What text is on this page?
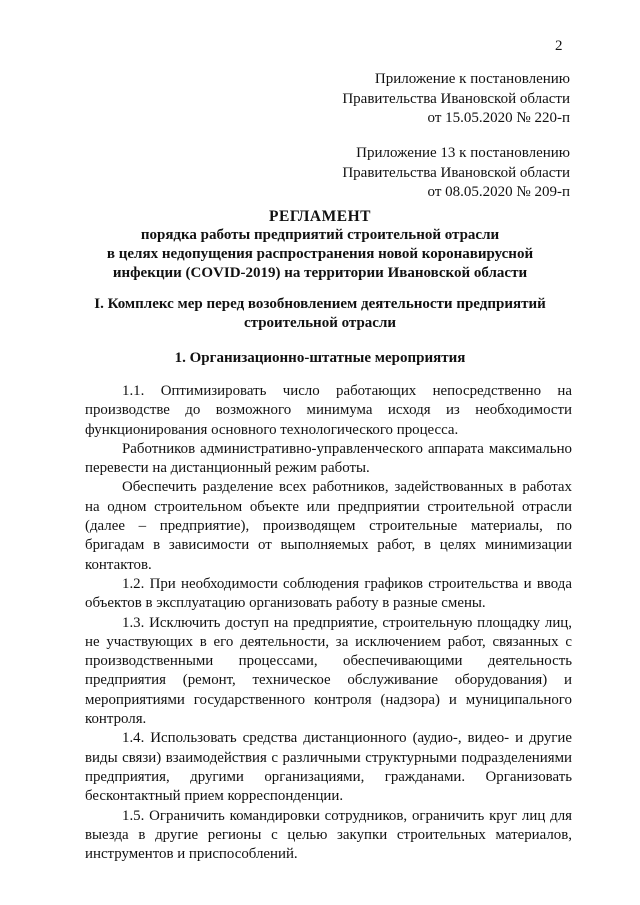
2
Приложение к постановлению
Правительства Ивановской области
от 15.05.2020 № 220-п
Приложение 13 к постановлению
Правительства Ивановской области
от 08.05.2020 № 209-п
РЕГЛАМЕНТ
порядка работы предприятий строительной отрасли
в целях недопущения распространения новой коронавирусной
инфекции (COVID-2019) на территории Ивановской области
I. Комплекс мер перед возобновлением деятельности предприятий
строительной отрасли
1. Организационно-штатные мероприятия

1.1. Оптимизировать число работающих непосредственно на производстве до возможного минимума исходя из необходимости функционирования основного технологического процесса.

Работников административно-управленческого аппарата максимально перевести на дистанционный режим работы.

Обеспечить разделение всех работников, задействованных в работах на одном строительном объекте или предприятии строительной отрасли (далее – предприятие), производящем строительные материалы, по бригадам в зависимости от выполняемых работ, в целях минимизации контактов.

1.2. При необходимости соблюдения графиков строительства и ввода объектов в эксплуатацию организовать работу в разные смены.

1.3. Исключить доступ на предприятие, строительную площадку лиц, не участвующих в его деятельности, за исключением работ, связанных с производственными процессами, обеспечивающими деятельность предприятия (ремонт, техническое обслуживание оборудования) и мероприятиями государственного контроля (надзора) и муниципального контроля.

1.4. Использовать средства дистанционного (аудио-, видео- и другие виды связи) взаимодействия с различными структурными подразделениями предприятия, другими организациями, гражданами. Организовать бесконтактный прием корреспонденции.

1.5. Ограничить командировки сотрудников, ограничить круг лиц для выезда в другие регионы с целью закупки строительных материалов, инструментов и приспособлений.
